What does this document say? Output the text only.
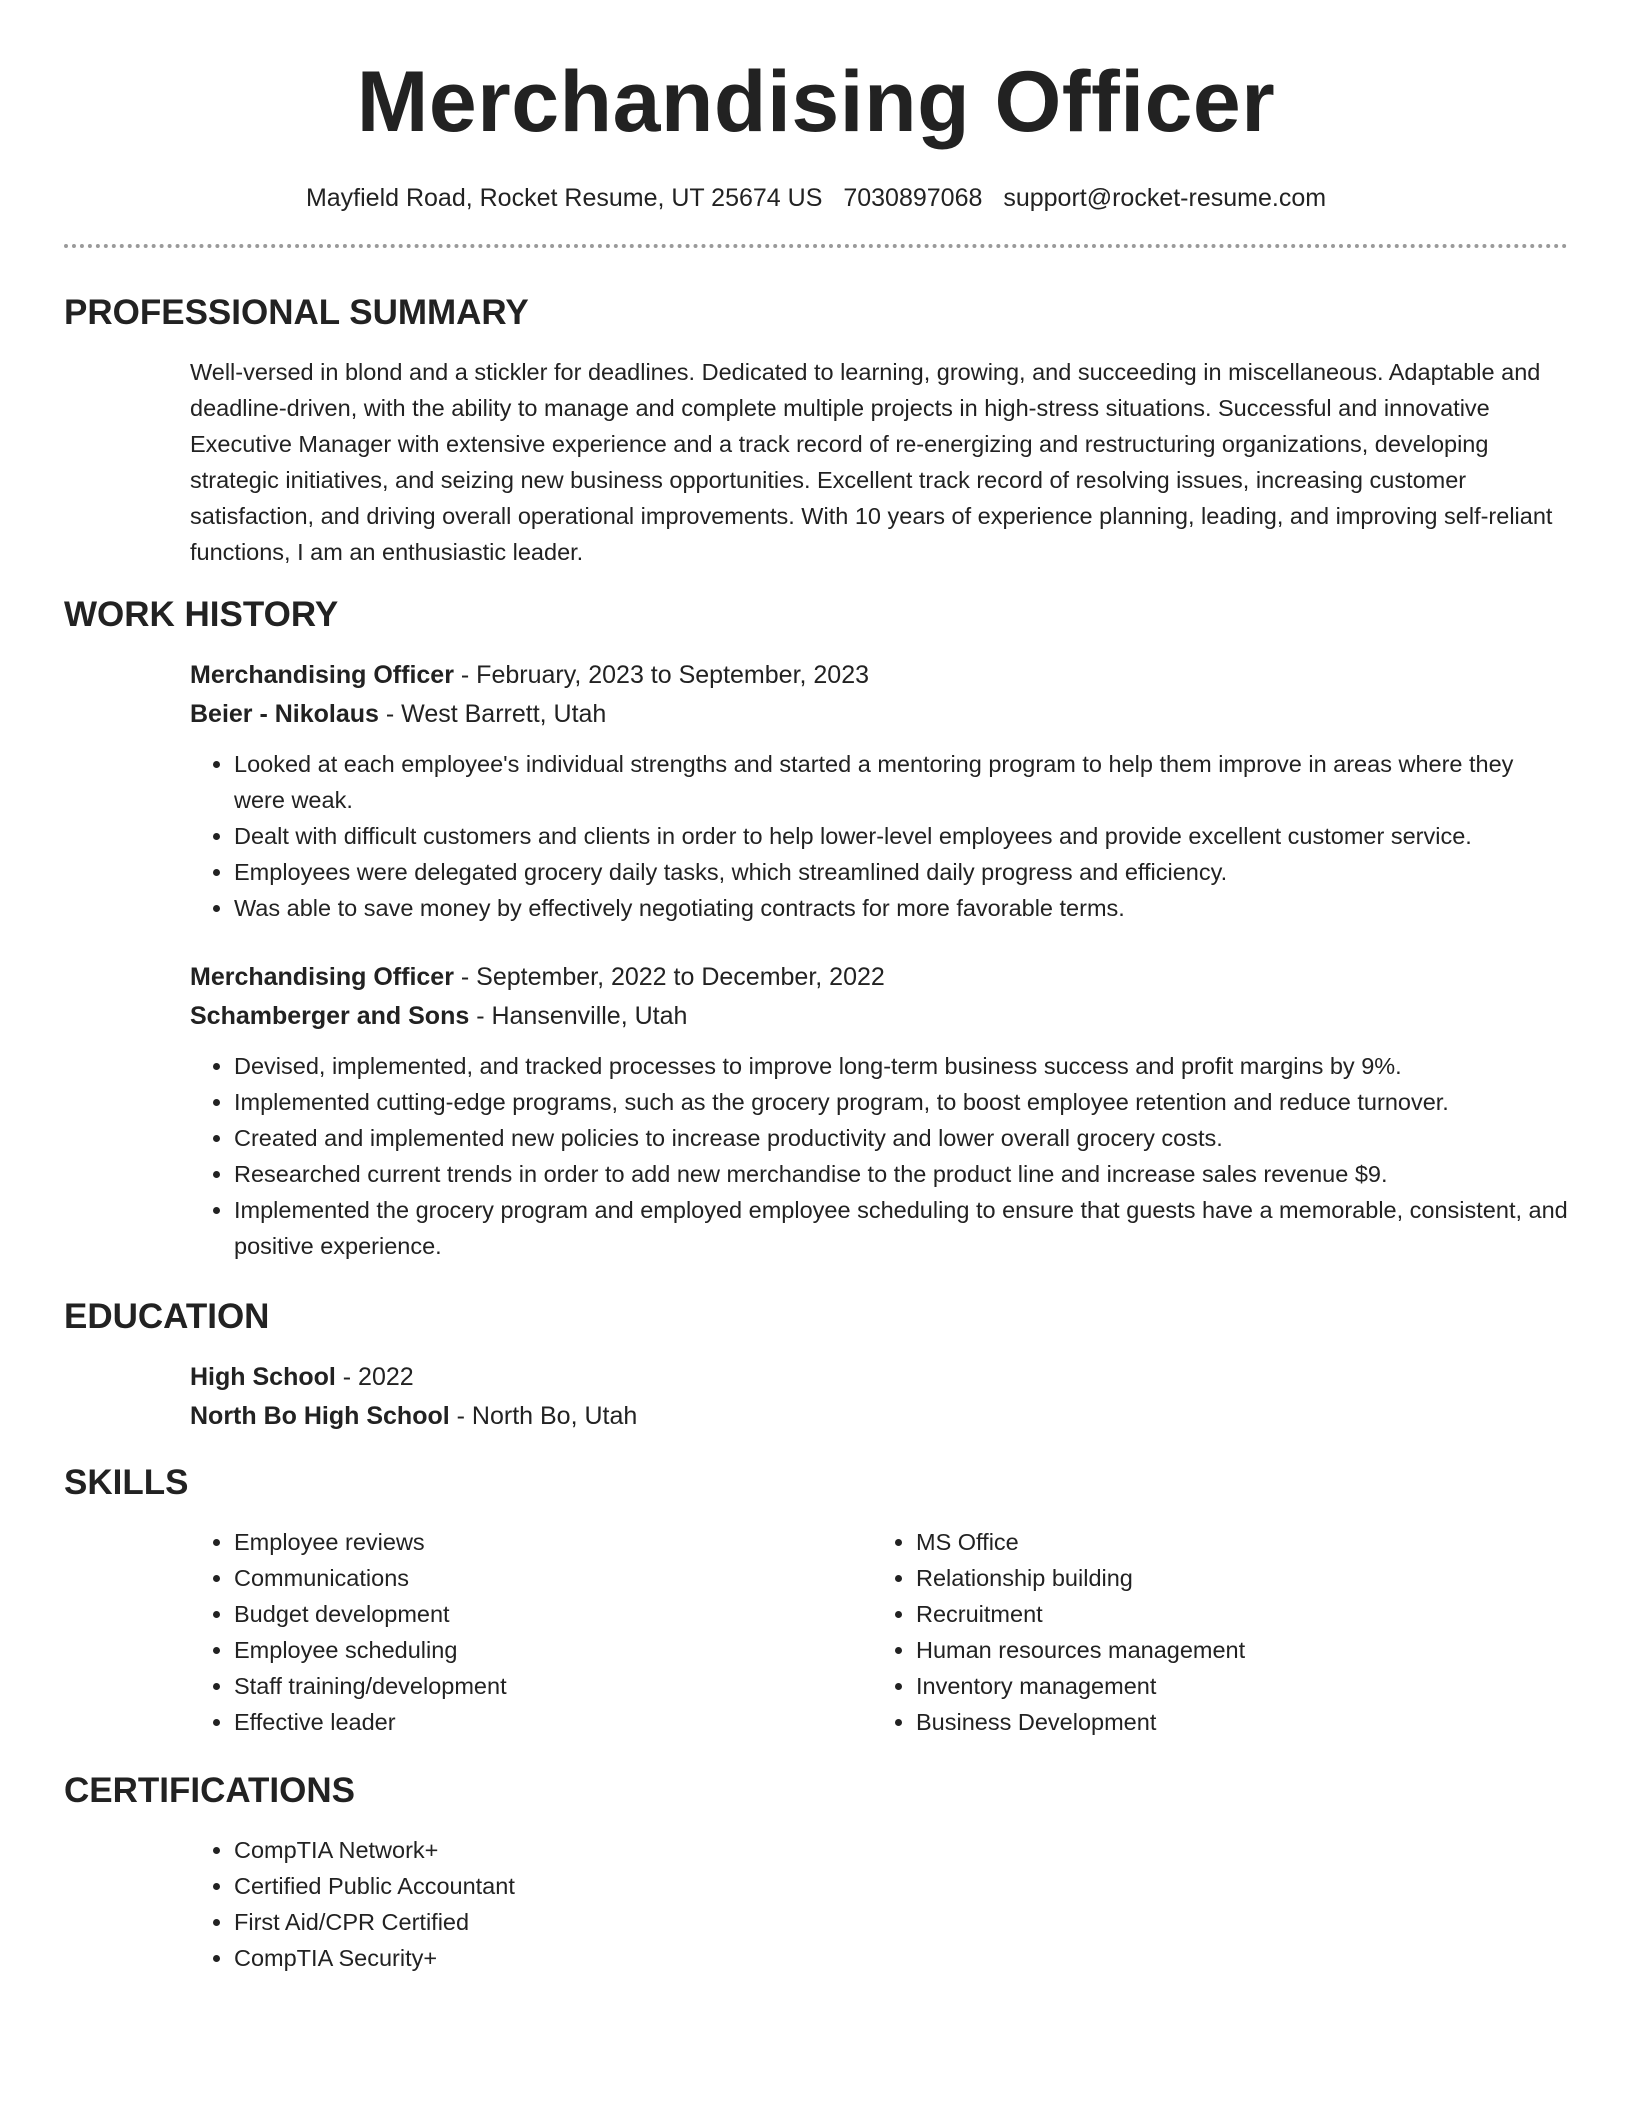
Merchandising Officer
Mayfield Road, Rocket Resume, UT 25674 US 7030897068 support@rocket-resume.com
PROFESSIONAL SUMMARY

Well-versed in blond and a stickler for deadlines. Dedicated to learning, growing, and succeeding in miscellaneous. Adaptable and deadline-driven, with the ability to manage and complete multiple projects in high-stress situations. Successful and innovative Executive Manager with extensive experience and a track record of re-energizing and restructuring organizations, developing strategic initiatives, and seizing new business opportunities. Excellent track record of resolving issues, increasing customer satisfaction, and driving overall operational improvements. With 10 years of experience planning, leading, and improving self-reliant functions, I am an enthusiastic leader.

WORK HISTORY
Merchandising Officer - February, 2023 to September, 2023
Beier - Nikolaus - West Barrett, Utah
• Looked at each employee's individual strengths and started a mentoring program to help them improve in areas where they were weak.
• Dealt with difficult customers and clients in order to help lower-level employees and provide excellent customer service.
• Employees were delegated grocery daily tasks, which streamlined daily progress and efficiency.
• Was able to save money by effectively negotiating contracts for more favorable terms.
Merchandising Officer - September, 2022 to December, 2022
Schamberger and Sons - Hansenville, Utah
• Devised, implemented, and tracked processes to improve long-term business success and profit margins by 9%.
• Implemented cutting-edge programs, such as the grocery program, to boost employee retention and reduce turnover.
• Created and implemented new policies to increase productivity and lower overall grocery costs.
• Researched current trends in order to add new merchandise to the product line and increase sales revenue $9.
• Implemented the grocery program and employed employee scheduling to ensure that guests have a memorable, consistent, and positive experience.
EDUCATION
High School - 2022
North Bo High School - North Bo, Utah
SKILLS
• Employee reviews
• Communications
• Budget development
• Employee scheduling
• Staff training/development
• Effective leader
• MS Office
• Relationship building
• Recruitment
• Human resources management
• Inventory management
• Business Development
CERTIFICATIONS
• CompTIA Network+
• Certified Public Accountant
• First Aid/CPR Certified
• CompTIA Security+
